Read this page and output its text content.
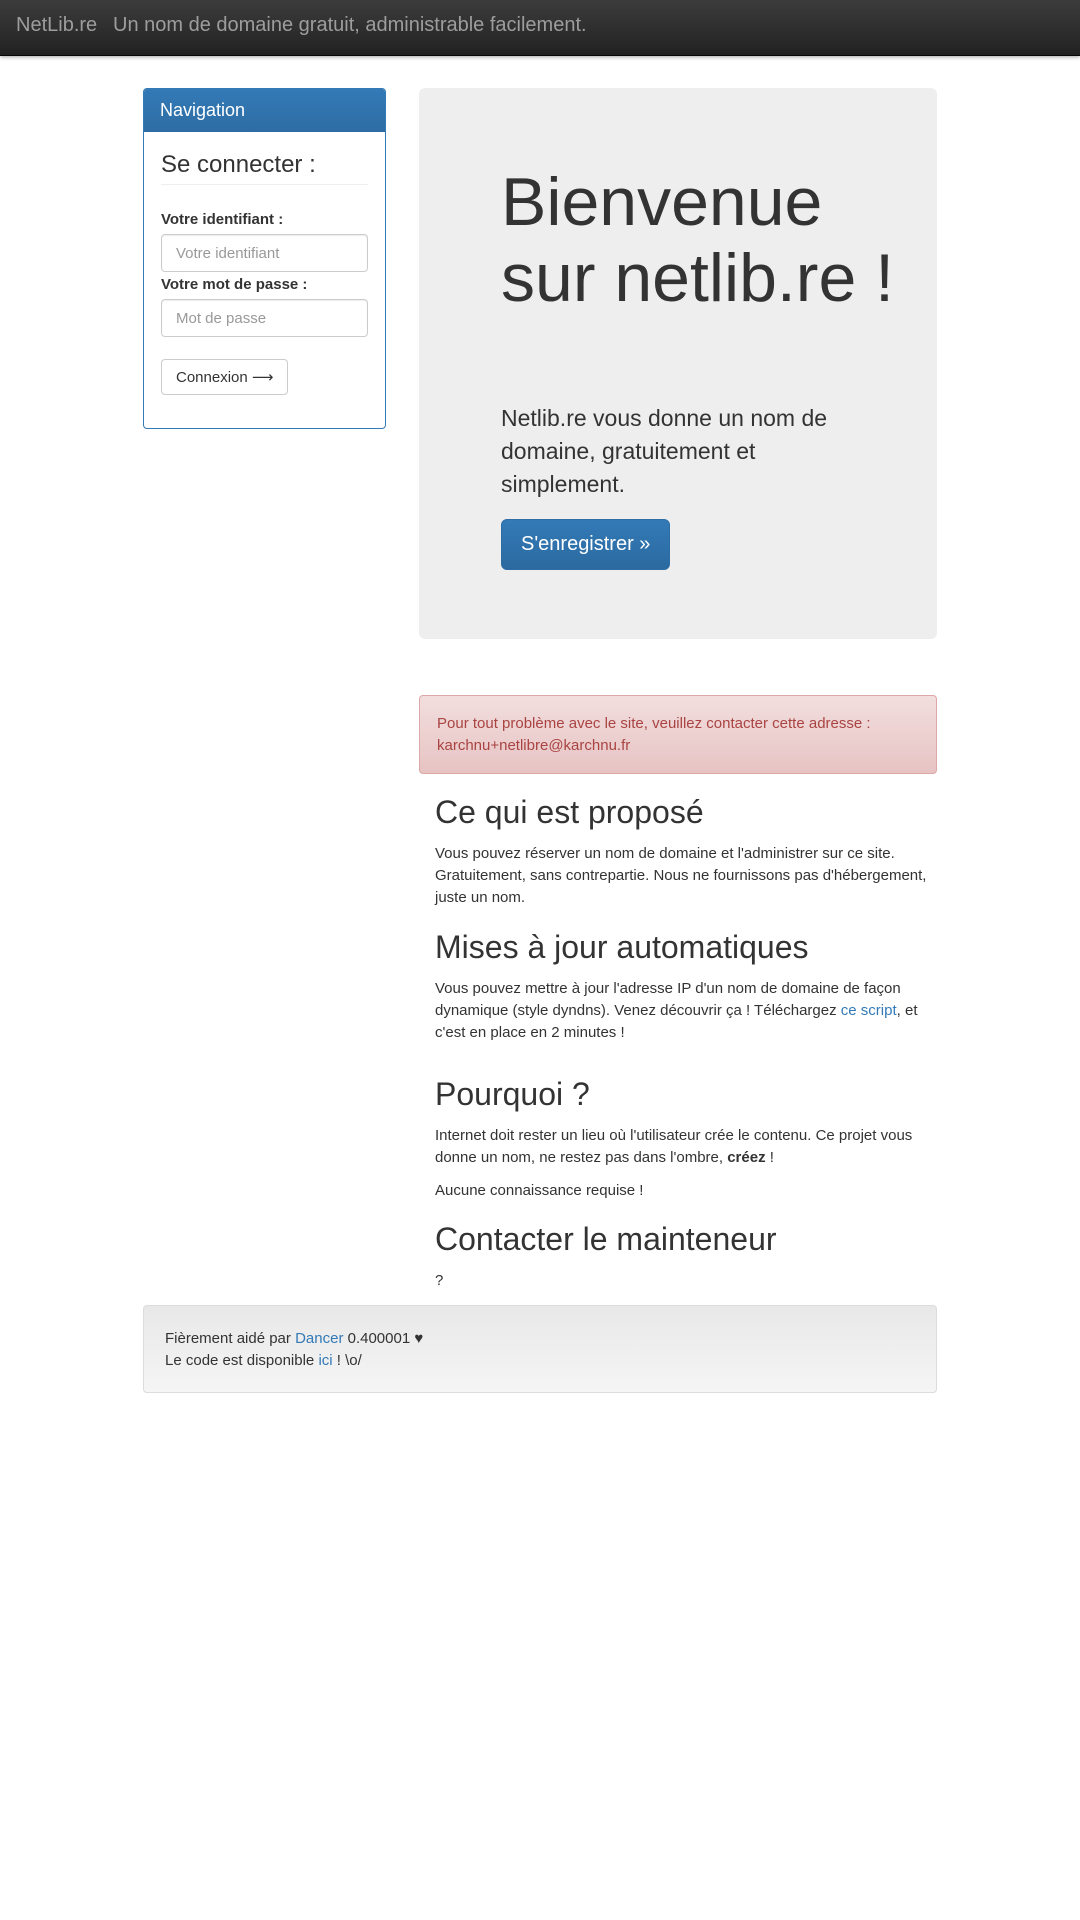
NetLib.re Un nom de domaine gratuit, administrable facilement.
Navigation
Se connecter :
Votre identifiant :
Votre identifiant
Votre mot de passe :
Connexion ⟶
Bienvenue sur netlib.re !

Netlib.re vous donne un nom de domaine, gratuitement et simplement.

S'enregistrer »
Pour tout problème avec le site, veuillez contacter cette adresse : karchnu+netlibre@karchnu.fr
Ce qui est proposé

Vous pouvez réserver un nom de domaine et l'administrer sur ce site. Gratuitement, sans contrepartie. Nous ne fournissons pas d'hébergement, juste un nom.

Mises à jour automatiques

Vous pouvez mettre à jour l'adresse IP d'un nom de domaine de façon dynamique (style dyndns). Venez découvrir ça ! Téléchargez ce script, et c'est en place en 2 minutes !

Pourquoi ?

Internet doit rester un lieu où l'utilisateur crée le contenu. Ce projet vous donne un nom, ne restez pas dans l'ombre, créez !

Aucune connaissance requise !

Contacter le mainteneur

?

Fièrement aidé par Dancer 0.400001 ♥
Le code est disponible ici ! \o/
